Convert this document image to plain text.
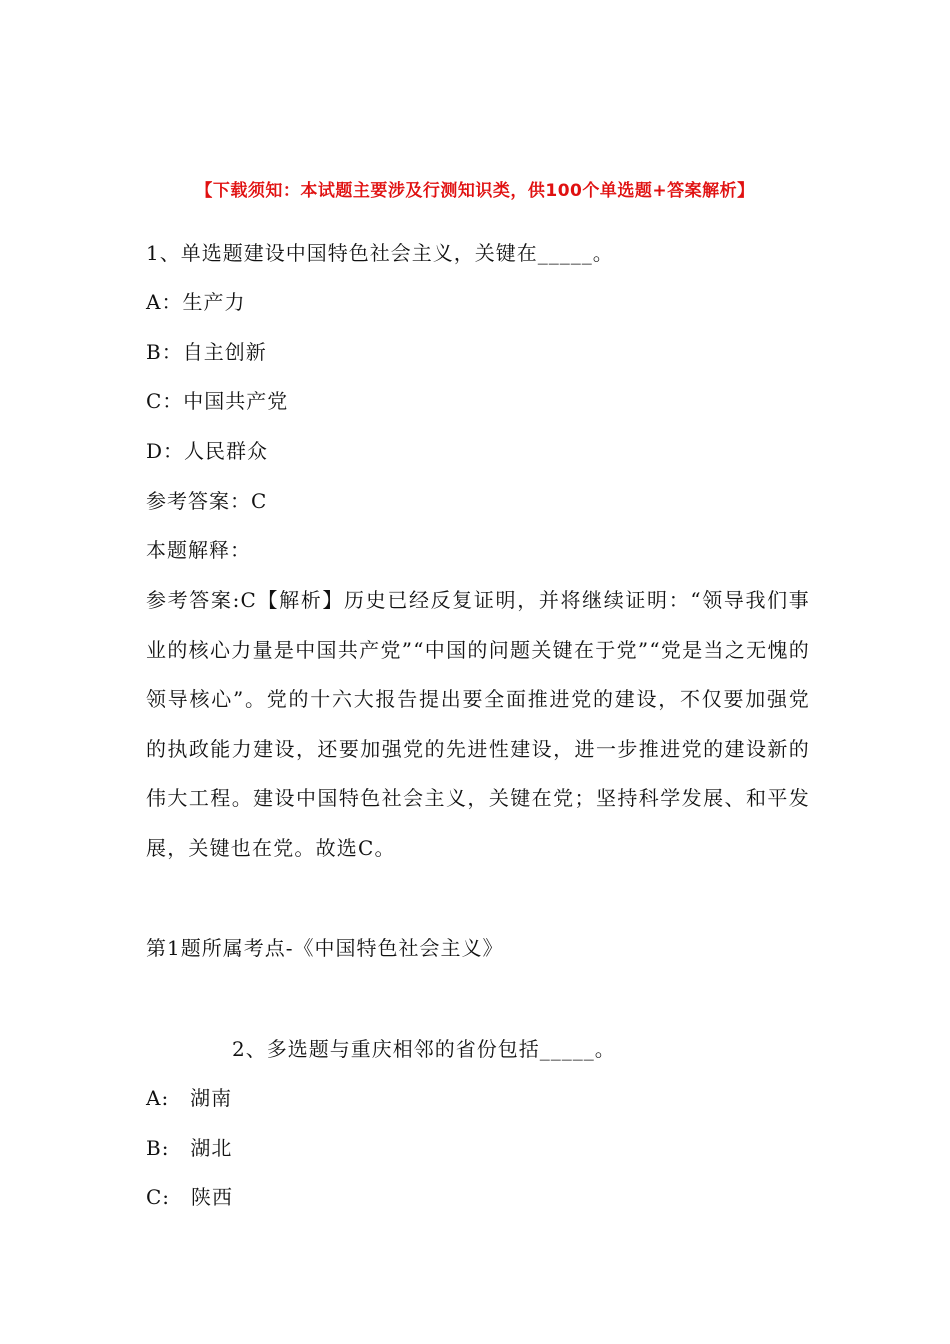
【下载须知：本试题主要涉及行测知识类，供100个单选题+答案解析】
1、单选题建设中国特色社会主义，关键在_____。
A：生产力
B：自主创新
C：中国共产党
D：人民群众
参考答案：C
本题解释：
参考答案:C【解析】历史已经反复证明，并将继续证明：“领导我们事业的核心力量是中国共产党”“中国的问题关键在于党”“党是当之无愧的领导核心”。党的十六大报告提出要全面推进党的建设，不仅要加强党的执政能力建设，还要加强党的先进性建设，进一步推进党的建设新的伟大工程。建设中国特色社会主义，关键在党；坚持科学发展、和平发展，关键也在党。故选C。
第1题所属考点-《中国特色社会主义》
2、多选题与重庆相邻的省份包括_____。
A:　湖南
B:　湖北
C:　陕西
